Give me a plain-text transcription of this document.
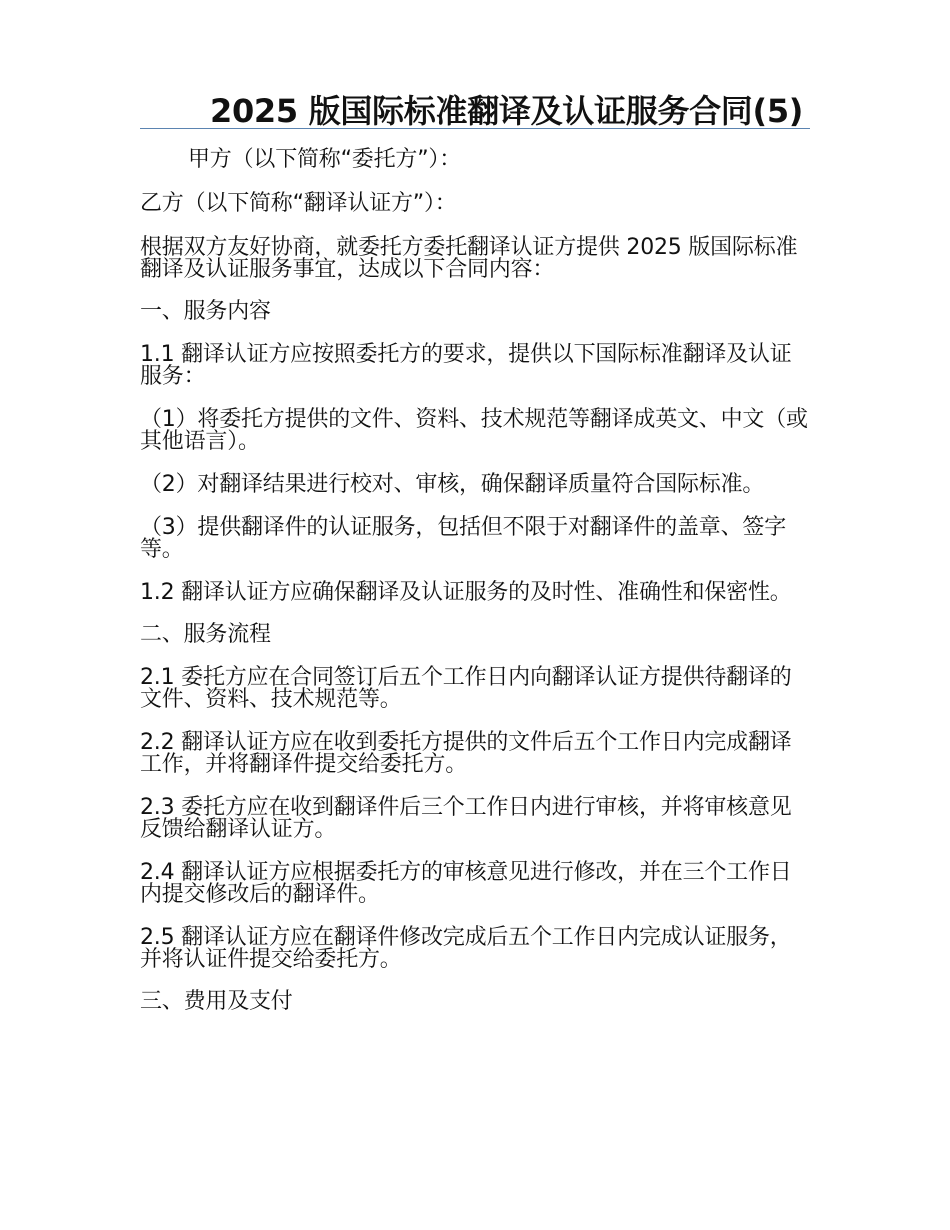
2025 版国际标准翻译及认证服务合同(5)

甲方（以下简称“委托方”）：

乙方（以下简称“翻译认证方”）：

根据双方友好协商，就委托方委托翻译认证方提供 2025 版国际标准翻译及认证服务事宜，达成以下合同内容：

一、服务内容

1.1 翻译认证方应按照委托方的要求，提供以下国际标准翻译及认证服务：

（1）将委托方提供的文件、资料、技术规范等翻译成英文、中文（或其他语言）。

（2）对翻译结果进行校对、审核，确保翻译质量符合国际标准。

（3）提供翻译件的认证服务，包括但不限于对翻译件的盖章、签字等。

1.2 翻译认证方应确保翻译及认证服务的及时性、准确性和保密性。

二、服务流程

2.1 委托方应在合同签订后五个工作日内向翻译认证方提供待翻译的文件、资料、技术规范等。

2.2 翻译认证方应在收到委托方提供的文件后五个工作日内完成翻译工作，并将翻译件提交给委托方。

2.3 委托方应在收到翻译件后三个工作日内进行审核，并将审核意见反馈给翻译认证方。

2.4 翻译认证方应根据委托方的审核意见进行修改，并在三个工作日内提交修改后的翻译件。

2.5 翻译认证方应在翻译件修改完成后五个工作日内完成认证服务，并将认证件提交给委托方。

三、费用及支付
